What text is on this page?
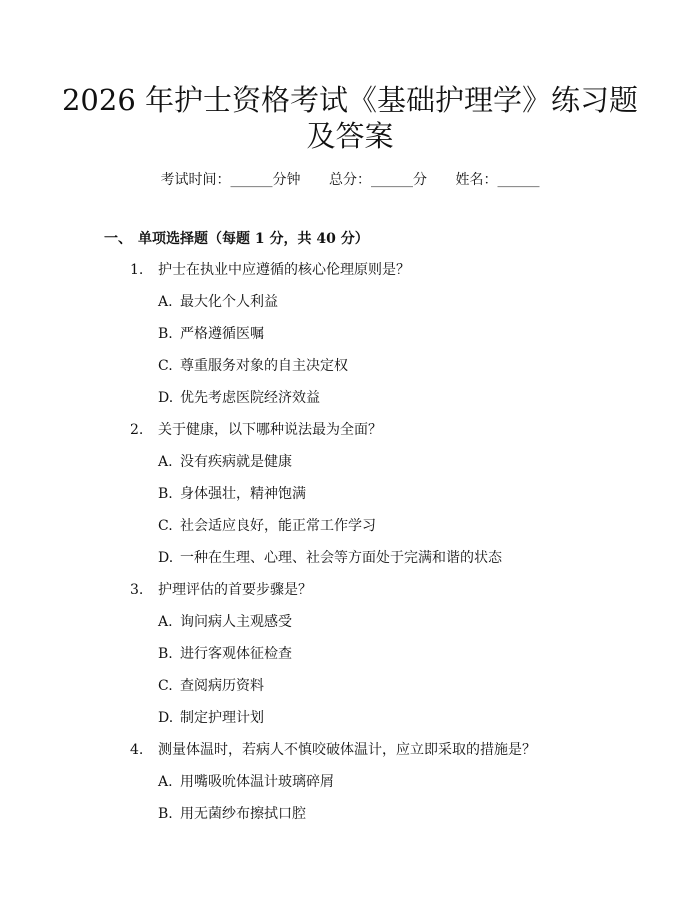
2026 年护士资格考试《基础护理学》练习题
及答案
考试时间：______分钟 总分：______分 姓名：______
一、 单项选择题（每题 1 分，共 40 分）
1. 护士在执业中应遵循的核心伦理原则是？
A. 最大化个人利益
B. 严格遵循医嘱
C. 尊重服务对象的自主决定权
D. 优先考虑医院经济效益
2. 关于健康，以下哪种说法最为全面？
A. 没有疾病就是健康
B. 身体强壮，精神饱满
C. 社会适应良好，能正常工作学习
D. 一种在生理、心理、社会等方面处于完满和谐的状态
3. 护理评估的首要步骤是？
A. 询问病人主观感受
B. 进行客观体征检查
C. 查阅病历资料
D. 制定护理计划
4. 测量体温时，若病人不慎咬破体温计，应立即采取的措施是？
A. 用嘴吸吮体温计玻璃碎屑
B. 用无菌纱布擦拭口腔
